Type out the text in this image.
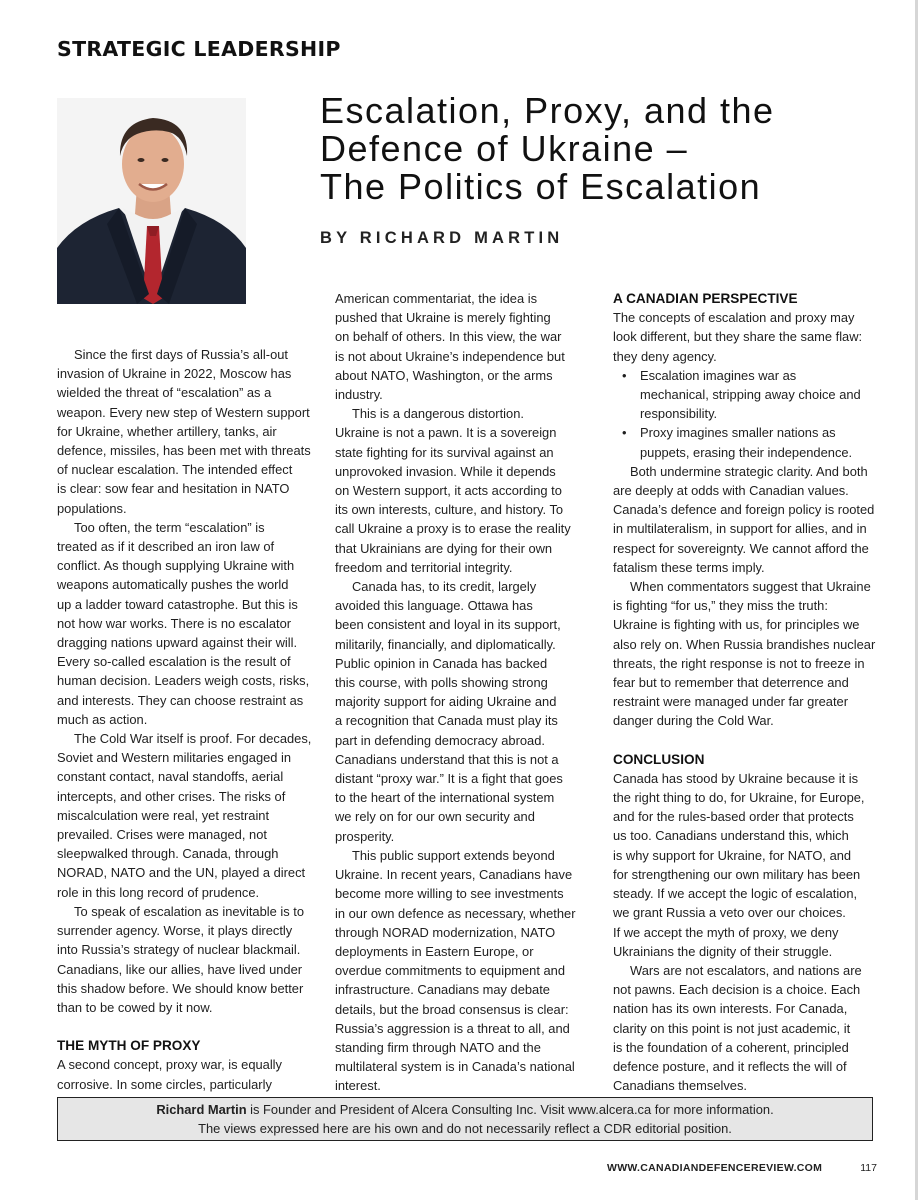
STRATEGIC LEADERSHIP
Escalation, Proxy, and the
Defence of Ukraine –
The Politics of Escalation
BY RICHARD MARTIN

Since the first days of Russia’s all-out

invasion of Ukraine in 2022, Moscow has

wielded the threat of “escalation” as a

weapon. Every new step of Western support

for Ukraine, whether artillery, tanks, air

defence, missiles, has been met with threats

of nuclear escalation. The intended effect

is clear: sow fear and hesitation in NATO

populations.

Too often, the term “escalation” is

treated as if it described an iron law of

conflict. As though supplying Ukraine with

weapons automatically pushes the world

up a ladder toward catastrophe. But this is

not how war works. There is no escalator

dragging nations upward against their will.

Every so-called escalation is the result of

human decision. Leaders weigh costs, risks,

and interests. They can choose restraint as

much as action.

The Cold War itself is proof. For decades,

Soviet and Western militaries engaged in

constant contact, naval standoffs, aerial

intercepts, and other crises. The risks of

miscalculation were real, yet restraint

prevailed. Crises were managed, not

sleepwalked through. Canada, through

NORAD, NATO and the UN, played a direct

role in this long record of prudence.

To speak of escalation as inevitable is to

surrender agency. Worse, it plays directly

into Russia’s strategy of nuclear blackmail.

Canadians, like our allies, have lived under

this shadow before. We should know better

than to be cowed by it now.

THE MYTH OF PROXY

A second concept, proxy war, is equally

corrosive. In some circles, particularly

American commentariat, the idea is

pushed that Ukraine is merely fighting

on behalf of others. In this view, the war

is not about Ukraine’s independence but

about NATO, Washington, or the arms

industry.

This is a dangerous distortion.

Ukraine is not a pawn. It is a sovereign

state fighting for its survival against an

unprovoked invasion. While it depends

on Western support, it acts according to

its own interests, culture, and history. To

call Ukraine a proxy is to erase the reality

that Ukrainians are dying for their own

freedom and territorial integrity.

Canada has, to its credit, largely

avoided this language. Ottawa has

been consistent and loyal in its support,

militarily, financially, and diplomatically.

Public opinion in Canada has backed

this course, with polls showing strong

majority support for aiding Ukraine and

a recognition that Canada must play its

part in defending democracy abroad.

Canadians understand that this is not a

distant “proxy war.” It is a fight that goes

to the heart of the international system

we rely on for our own security and

prosperity.

This public support extends beyond

Ukraine. In recent years, Canadians have

become more willing to see investments

in our own defence as necessary, whether

through NORAD modernization, NATO

deployments in Eastern Europe, or

overdue commitments to equipment and

infrastructure. Canadians may debate

details, but the broad consensus is clear:

Russia’s aggression is a threat to all, and

standing firm through NATO and the

multilateral system is in Canada’s national

interest.

A CANADIAN PERSPECTIVE

The concepts of escalation and proxy may

look different, but they share the same flaw:

they deny agency.

• Escalation imagines war as
mechanical, stripping away choice and
responsibility.
• Proxy imagines smaller nations as
puppets, erasing their independence.

Both undermine strategic clarity. And both

are deeply at odds with Canadian values.

Canada’s defence and foreign policy is rooted

in multilateralism, in support for allies, and in

respect for sovereignty. We cannot afford the

fatalism these terms imply.

When commentators suggest that Ukraine

is fighting “for us,” they miss the truth:

Ukraine is fighting with us, for principles we

also rely on. When Russia brandishes nuclear

threats, the right response is not to freeze in

fear but to remember that deterrence and

restraint were managed under far greater

danger during the Cold War.

CONCLUSION

Canada has stood by Ukraine because it is

the right thing to do, for Ukraine, for Europe,

and for the rules-based order that protects

us too. Canadians understand this, which

is why support for Ukraine, for NATO, and

for strengthening our own military has been

steady. If we accept the logic of escalation,

we grant Russia a veto over our choices.

If we accept the myth of proxy, we deny

Ukrainians the dignity of their struggle.

Wars are not escalators, and nations are

not pawns. Each decision is a choice. Each

nation has its own interests. For Canada,

clarity on this point is not just academic, it

is the foundation of a coherent, principled

defence posture, and it reflects the will of

Canadians themselves.

Richard Martin is Founder and President of Alcera Consulting Inc. Visit www.alcera.ca for more information.
The views expressed here are his own and do not necessarily reflect a CDR editorial position.
WWW.CANADIANDEFENCEREVIEW.COM	117
